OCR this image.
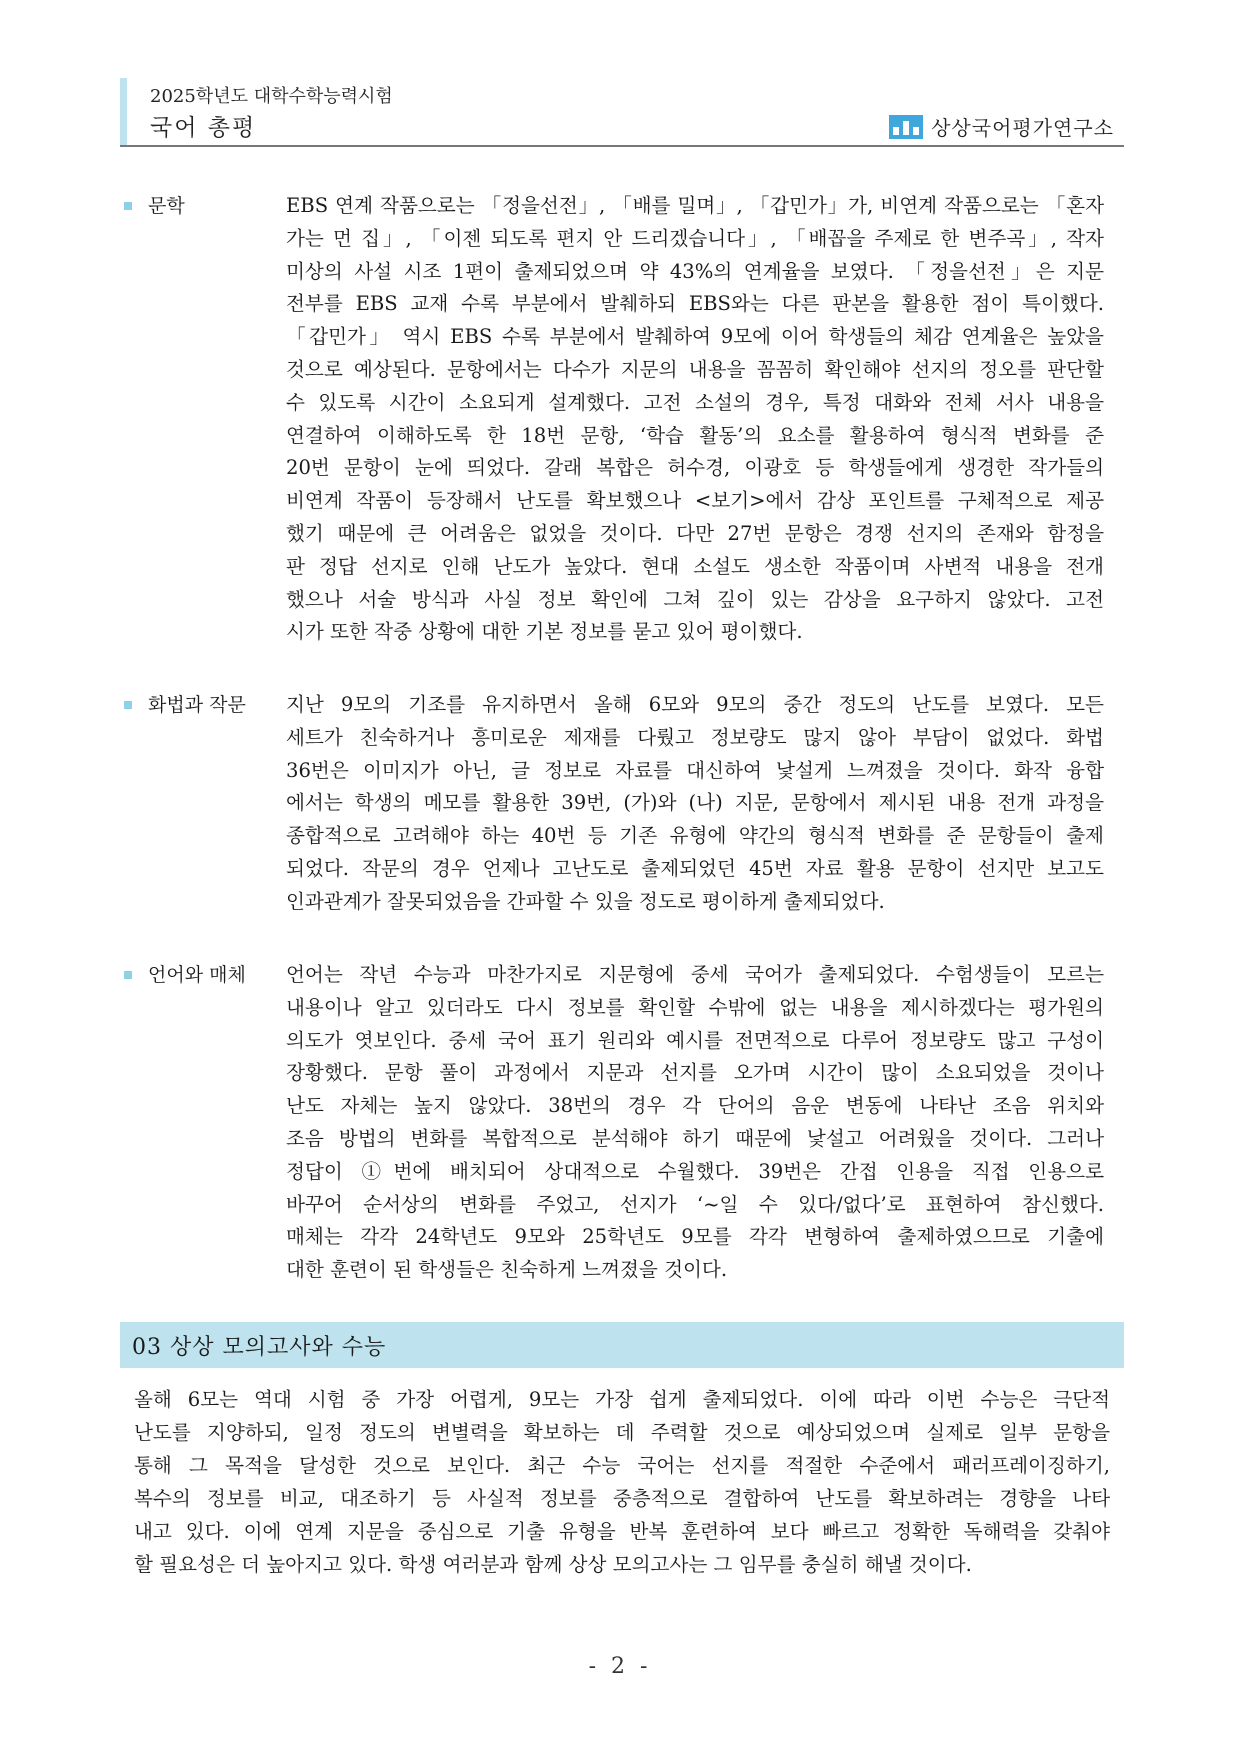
2025학년도 대학수학능력시험
국어 총평	상상국어평가연구소
문학	EBS 연계 작품으로는 「정을선전」, 「배를 밀며」, 「갑민가」가, 비연계 작품으로는 「혼자
가는 먼 집」, 「이젠 되도록 편지 안 드리겠습니다」, 「배꼽을 주제로 한 변주곡」, 작자
미상의 사설 시조 1편이 출제되었으며 약 43%의 연계율을 보였다. 「정을선전」은 지문
전부를 EBS 교재 수록 부분에서 발췌하되 EBS와는 다른 판본을 활용한 점이 특이했다.
「갑민가」 역시 EBS 수록 부분에서 발췌하여 9모에 이어 학생들의 체감 연계율은 높았을
것으로 예상된다. 문항에서는 다수가 지문의 내용을 꼼꼼히 확인해야 선지의 정오를 판단할
수 있도록 시간이 소요되게 설계했다. 고전 소설의 경우, 특정 대화와 전체 서사 내용을
연결하여 이해하도록 한 18번 문항, ‘학습 활동’의 요소를 활용하여 형식적 변화를 준
20번 문항이 눈에 띄었다. 갈래 복합은 허수경, 이광호 등 학생들에게 생경한 작가들의
비연계 작품이 등장해서 난도를 확보했으나 <보기>에서 감상 포인트를 구체적으로 제공
했기 때문에 큰 어려움은 없었을 것이다. 다만 27번 문항은 경쟁 선지의 존재와 함정을
판 정답 선지로 인해 난도가 높았다. 현대 소설도 생소한 작품이며 사변적 내용을 전개
했으나 서술 방식과 사실 정보 확인에 그쳐 깊이 있는 감상을 요구하지 않았다. 고전
시가 또한 작중 상황에 대한 기본 정보를 묻고 있어 평이했다.
화법과 작문 지난 9모의 기조를 유지하면서 올해 6모와 9모의 중간 정도의 난도를 보였다. 모든
세트가 친숙하거나 흥미로운 제재를 다뤘고 정보량도 많지 않아 부담이 없었다. 화법
36번은 이미지가 아닌, 글 정보로 자료를 대신하여 낯설게 느껴졌을 것이다. 화작 융합
에서는 학생의 메모를 활용한 39번, (가)와 (나) 지문, 문항에서 제시된 내용 전개 과정을
종합적으로 고려해야 하는 40번 등 기존 유형에 약간의 형식적 변화를 준 문항들이 출제
되었다. 작문의 경우 언제나 고난도로 출제되었던 45번 자료 활용 문항이 선지만 보고도
인과관계가 잘못되었음을 간파할 수 있을 정도로 평이하게 출제되었다.
언어와 매체 언어는 작년 수능과 마찬가지로 지문형에 중세 국어가 출제되었다. 수험생들이 모르는
내용이나 알고 있더라도 다시 정보를 확인할 수밖에 없는 내용을 제시하겠다는 평가원의
의도가 엿보인다. 중세 국어 표기 원리와 예시를 전면적으로 다루어 정보량도 많고 구성이
장황했다. 문항 풀이 과정에서 지문과 선지를 오가며 시간이 많이 소요되었을 것이나
난도 자체는 높지 않았다. 38번의 경우 각 단어의 음운 변동에 나타난 조음 위치와
조음 방법의 변화를 복합적으로 분석해야 하기 때문에 낯설고 어려웠을 것이다. 그러나
정답이 ①번에 배치되어 상대적으로 수월했다. 39번은 간접 인용을 직접 인용으로
바꾸어 순서상의 변화를 주었고, 선지가 ‘~일 수 있다/없다’로 표현하여 참신했다.
매체는 각각 24학년도 9모와 25학년도 9모를 각각 변형하여 출제하였으므로 기출에
대한 훈련이 된 학생들은 친숙하게 느껴졌을 것이다.
03 상상 모의고사와 수능
올해 6모는 역대 시험 중 가장 어렵게, 9모는 가장 쉽게 출제되었다. 이에 따라 이번 수능은 극단적
난도를 지양하되, 일정 정도의 변별력을 확보하는 데 주력할 것으로 예상되었으며 실제로 일부 문항을
통해 그 목적을 달성한 것으로 보인다. 최근 수능 국어는 선지를 적절한 수준에서 패러프레이징하기,
복수의 정보를 비교, 대조하기 등 사실적 정보를 중층적으로 결합하여 난도를 확보하려는 경향을 나타
내고 있다. 이에 연계 지문을 중심으로 기출 유형을 반복 훈련하여 보다 빠르고 정확한 독해력을 갖춰야
할 필요성은 더 높아지고 있다. 학생 여러분과 함께 상상 모의고사는 그 임무를 충실히 해낼 것이다.
- 2 -
